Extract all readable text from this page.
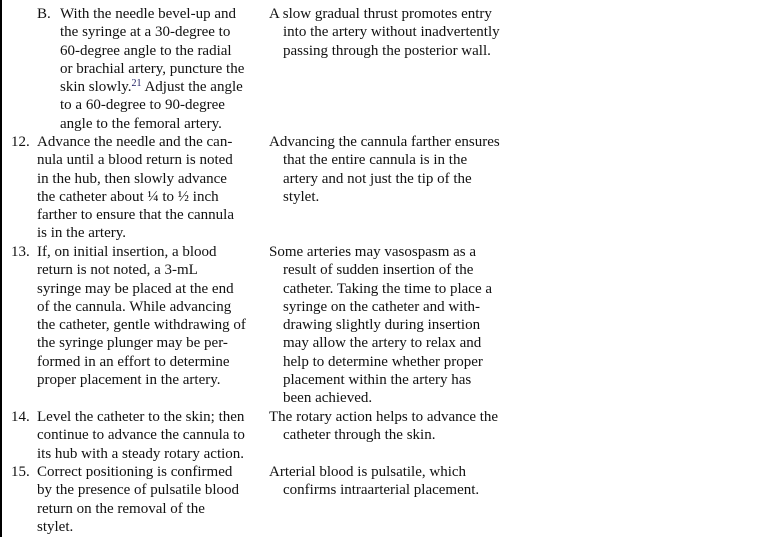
B. With the needle bevel-up and
the syringe at a 30-degree to
60-degree angle to the radial
or brachial artery, puncture the
skin slowly.$^{21}$ Adjust the angle
to a 60-degree to 90-degree
angle to the femoral artery.
A slow gradual thrust promotes entry
into the artery without inadvertently
passing through the posterior wall.
12. Advance the needle and the can-
nula until a blood return is noted
in the hub, then slowly advance
the catheter about ¼ to ½ inch
farther to ensure that the cannula
is in the artery.
Advancing the cannula farther ensures
that the entire cannula is in the
artery and not just the tip of the
stylet.
13. If, on initial insertion, a blood
return is not noted, a 3-mL
syringe may be placed at the end
of the cannula. While advancing
the catheter, gentle withdrawing of
the syringe plunger may be per-
formed in an effort to determine
proper placement in the artery.
Some arteries may vasospasm as a
result of sudden insertion of the
catheter. Taking the time to place a
syringe on the catheter and with-
drawing slightly during insertion
may allow the artery to relax and
help to determine whether proper
placement within the artery has
been achieved.
14. Level the catheter to the skin; then
continue to advance the cannula to
its hub with a steady rotary action.
The rotary action helps to advance the
catheter through the skin.
15. Correct positioning is confirmed
by the presence of pulsatile blood
return on the removal of the
stylet.
Arterial blood is pulsatile, which
confirms intraarterial placement.
